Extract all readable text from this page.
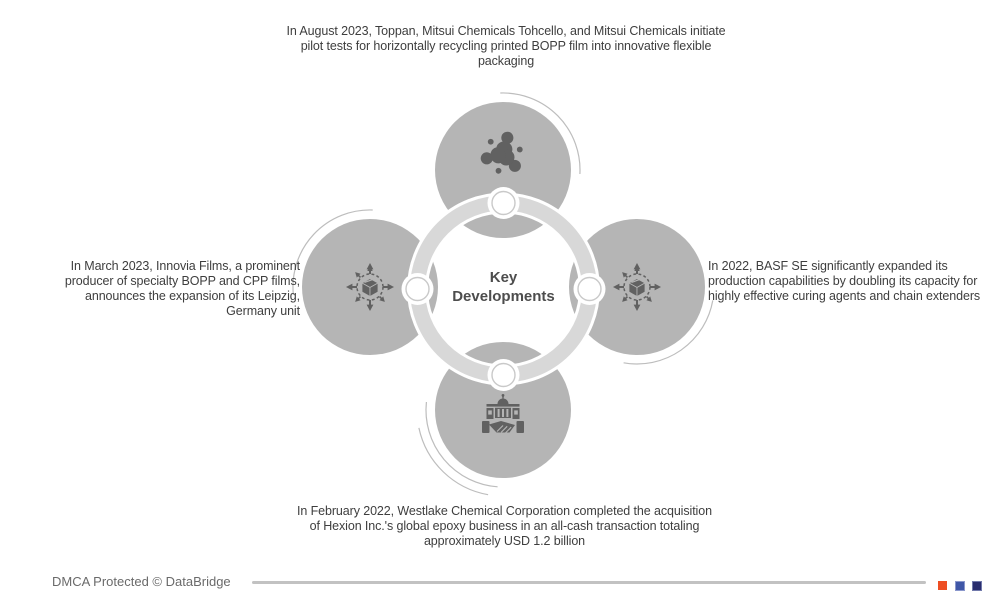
Key
Developments
In August 2023, Toppan, Mitsui Chemicals Tohcello, and Mitsui Chemicals initiate pilot tests for horizontally recycling printed BOPP film into innovative flexible packaging
In March 2023, Innovia Films, a prominent producer of specialty BOPP and CPP films, announces the expansion of its Leipzig, Germany unit
In 2022, BASF SE significantly expanded its production capabilities by doubling its capacity for highly effective curing agents and chain extenders
In February 2022, Westlake Chemical Corporation completed the acquisition of Hexion Inc.'s global epoxy business in an all-cash transaction totaling approximately USD 1.2 billion
DMCA Protected © DataBridge
